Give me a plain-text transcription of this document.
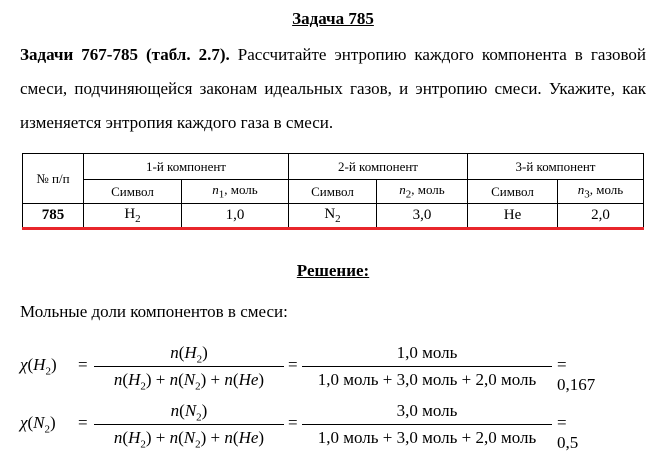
Задача 785
Задачи 767-785 (табл. 2.7). Рассчитайте энтропию каждого компонента в газовой смеси, подчиняющейся законам идеальных газов, и энтропию смеси. Укажите, как изменяется энтропия каждого газа в смеси.
№ п/п	1-й компонент		2-й компонент		3-й компонент	
	Символ	$n_1$, моль	Символ	$n_2$, моль	Символ	$n_3$, моль
785	$H_2$	1,0	$N_2$	3,0	He	2,0
Решение:
Мольные доли компонентов в смеси:
$\chi(H_2) = \frac{n(H_2)}{n(H_2) + n(N_2) + n(He)}$ =
1,0 моль
1,0 моль + 3,0 моль + 2,0 моль
= 0,167
$\chi(N_2) = \frac{n(N_2)}{n(H_2) + n(N_2) + n(He)}$ =
3,0 моль
1,0 моль + 3,0 моль + 2,0 моль
= 0,5
